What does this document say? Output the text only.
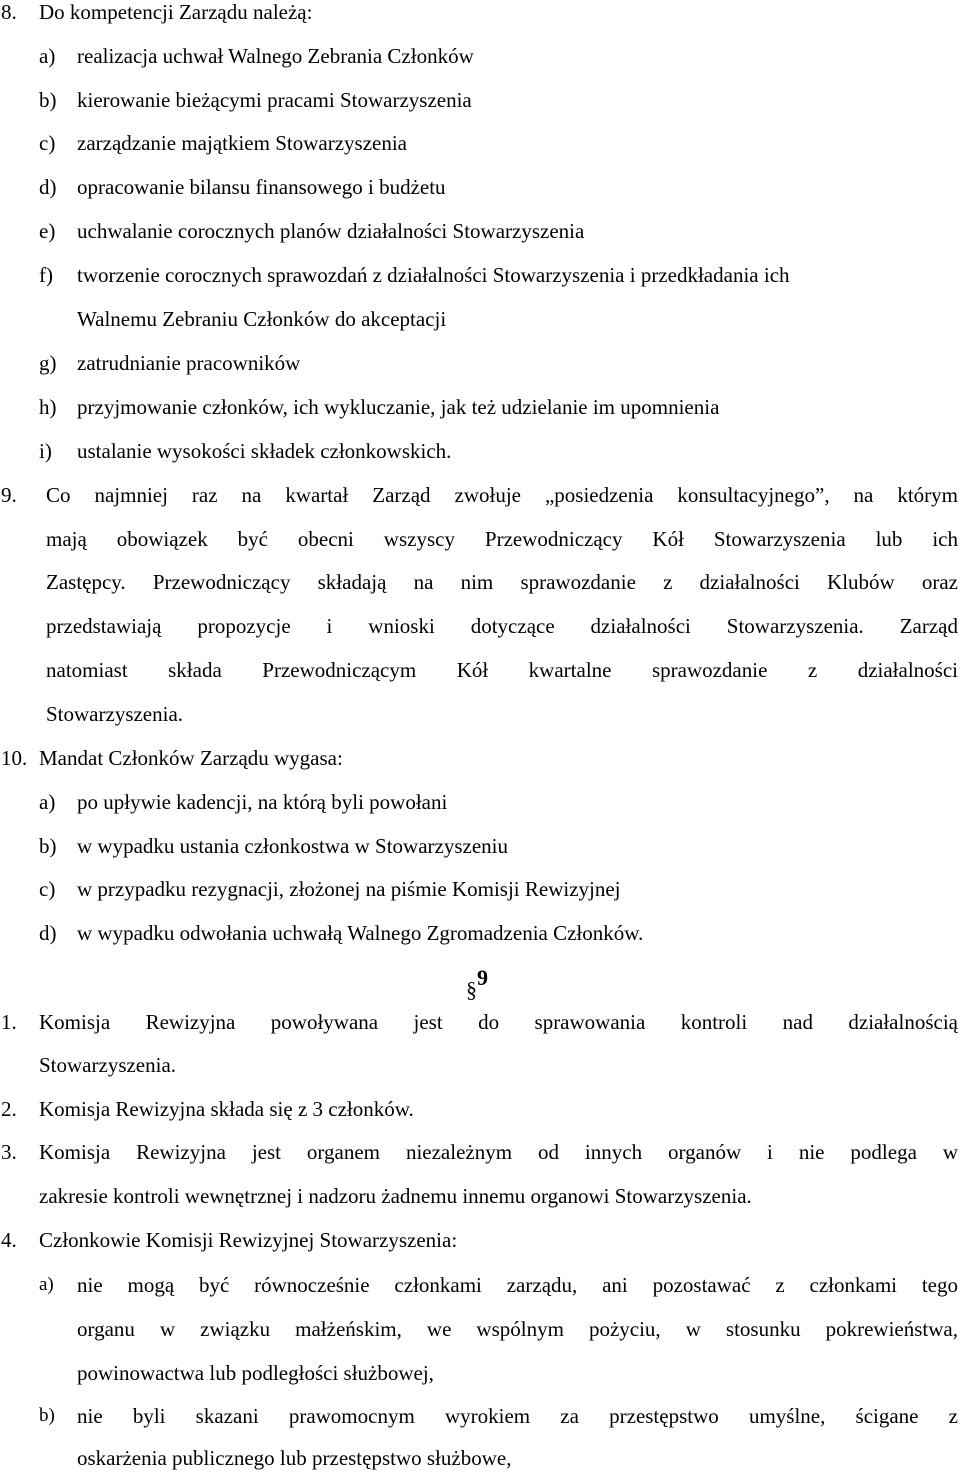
8. Do kompetencji Zarządu należą:
a) realizacja uchwał Walnego Zebrania Członków
b) kierowanie bieżącymi pracami Stowarzyszenia
c) zarządzanie majątkiem Stowarzyszenia
d) opracowanie bilansu finansowego i budżetu
e) uchwalanie corocznych planów działalności Stowarzyszenia
f) tworzenie corocznych sprawozdań z działalności Stowarzyszenia i przedkładania ich
Walnemu Zebraniu Członków do akceptacji
g) zatrudnianie pracowników
h) przyjmowanie członków, ich wykluczanie, jak też udzielanie im upomnienia
i) ustalanie wysokości składek członkowskich.
9. Co najmniej raz na kwartał Zarząd zwołuje „posiedzenia konsultacyjnego”, na którym
mają obowiązek być obecni wszyscy Przewodniczący Kół Stowarzyszenia lub ich
Zastępcy. Przewodniczący składają na nim sprawozdanie z działalności Klubów oraz
przedstawiają propozycje i wnioski dotyczące działalności Stowarzyszenia. Zarząd
natomiast składa Przewodniczącym Kół kwartalne sprawozdanie z działalności
Stowarzyszenia.
10. Mandat Członków Zarządu wygasa:
a) po upływie kadencji, na którą byli powołani
b) w wypadku ustania członkostwa w Stowarzyszeniu
c) w przypadku rezygnacji, złożonej na piśmie Komisji Rewizyjnej
d) w wypadku odwołania uchwałą Walnego Zgromadzenia Członków.
§9
1. Komisja Rewizyjna powoływana jest do sprawowania kontroli nad działalnością
Stowarzyszenia.
2. Komisja Rewizyjna składa się z 3 członków.
3. Komisja Rewizyjna jest organem niezależnym od innych organów i nie podlega w
zakresie kontroli wewnętrznej i nadzoru żadnemu innemu organowi Stowarzyszenia.
4. Członkowie Komisji Rewizyjnej Stowarzyszenia:
a) nie mogą być równocześnie członkami zarządu, ani pozostawać z członkami tego
organu w związku małżeńskim, we wspólnym pożyciu, w stosunku pokrewieństwa,
powinowactwa lub podległości służbowej,
b) nie byli skazani prawomocnym wyrokiem za przestępstwo umyślne, ścigane z
oskarżenia publicznego lub przestępstwo służbowe,
